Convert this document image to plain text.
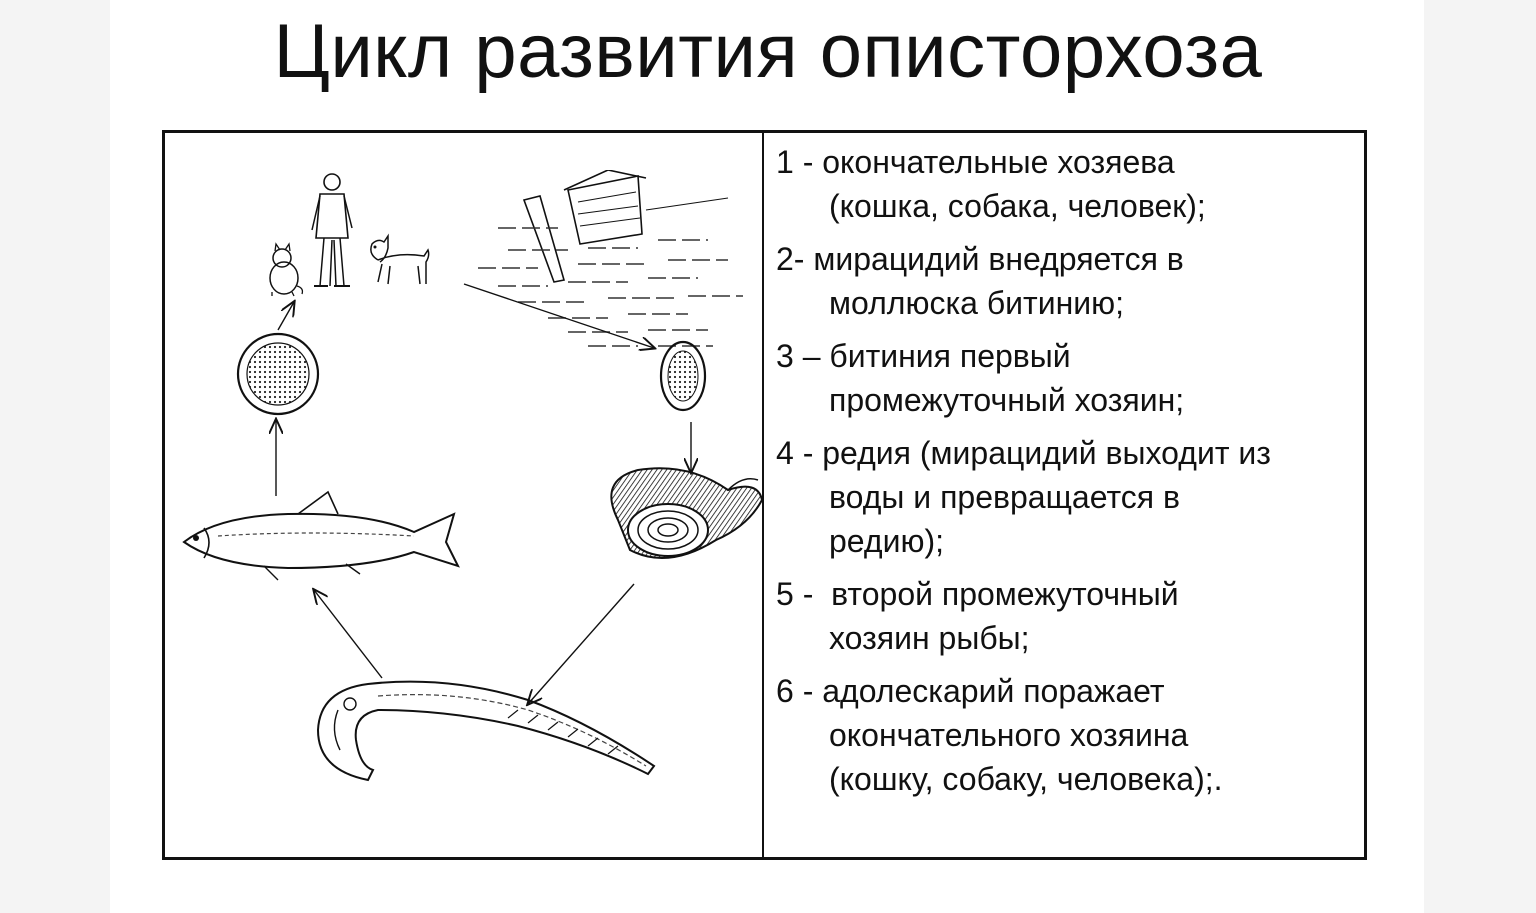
Цикл развития описторхоза
1 - окончательные хозяева
(кошка, собака, человек);
2- мирацидий внедряется в
моллюска битинию;
3 – битиния первый
промежуточный хозяин;
4 - редия (мирацидий выходит из
воды и превращается в
редию);
5 -  второй промежуточный
хозяин рыбы;
6 - адолескарий поражает
окончательного хозяина
(кошку, собаку, человека);.
